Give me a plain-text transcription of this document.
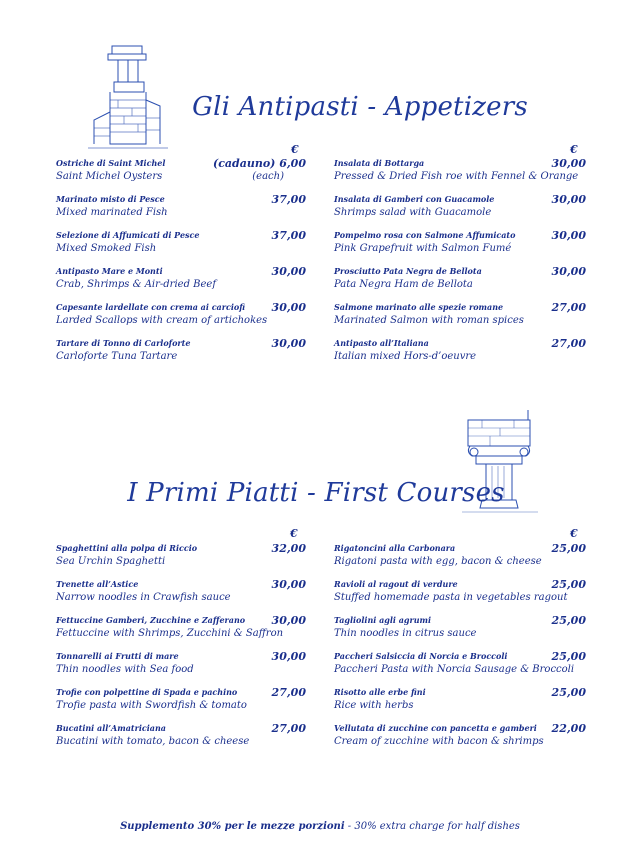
Gli Antipasti - Appetizers
€	€
Ostriche di Saint Michel
Saint Michel Oysters
(cadauno) 6,00
(each)
Marinato misto di Pesce
Mixed marinated Fish
37,00
Selezione di Affumicati di Pesce
Mixed Smoked Fish
37,00
Antipasto Mare e Monti
Crab, Shrimps & Air-dried Beef
30,00
Capesante lardellate con crema ai carciofi
Larded Scallops with cream of artichokes
30,00
Tartare di Tonno di Carloforte
Carloforte Tuna Tartare
30,00
Insalata di Bottarga
Pressed & Dried Fish roe with Fennel & Orange
30,00
Insalata di Gamberi con Guacamole
Shrimps salad with Guacamole
30,00
Pompelmo rosa con Salmone Affumicato
Pink Grapefruit with Salmon Fumé
30,00
Prosciutto Pata Negra de Bellota
Pata Negra Ham de Bellota
30,00
Salmone marinato alle spezie romane
Marinated Salmon with roman spices
27,00
Antipasto all’Italiana
Italian mixed Hors-d’oeuvre
27,00
I Primi Piatti - First Courses
€	€
Spaghettini alla polpa di Riccio
Sea Urchin Spaghetti
32,00
Trenette all’Astice
Narrow noodles in Crawfish sauce
30,00
Fettuccine Gamberi, Zucchine e Zafferano
Fettuccine with Shrimps, Zucchini & Saffron
30,00
Tonnarelli ai Frutti di mare
Thin noodles with Sea food
30,00
Trofie con polpettine di Spada e pachino
Trofie pasta with Swordfish & tomato
27,00
Bucatini all’Amatriciana
Bucatini with tomato, bacon & cheese
27,00
Rigatoncini alla Carbonara
Rigatoni pasta with egg, bacon & cheese
25,00
Ravioli al ragout di verdure
Stuffed homemade pasta in vegetables ragout
25,00
Tagliolini agli agrumi
Thin noodles in citrus sauce
25,00
Paccheri Salsiccia di Norcia e Broccoli
Paccheri Pasta with Norcia Sausage & Broccoli
25,00
Risotto alle erbe fini
Rice with herbs
25,00
Vellutata di zucchine con pancetta e gamberi
Cream of zucchine with bacon & shrimps
22,00
Supplemento 30% per le mezze porzioni - 30% extra charge for half dishes
